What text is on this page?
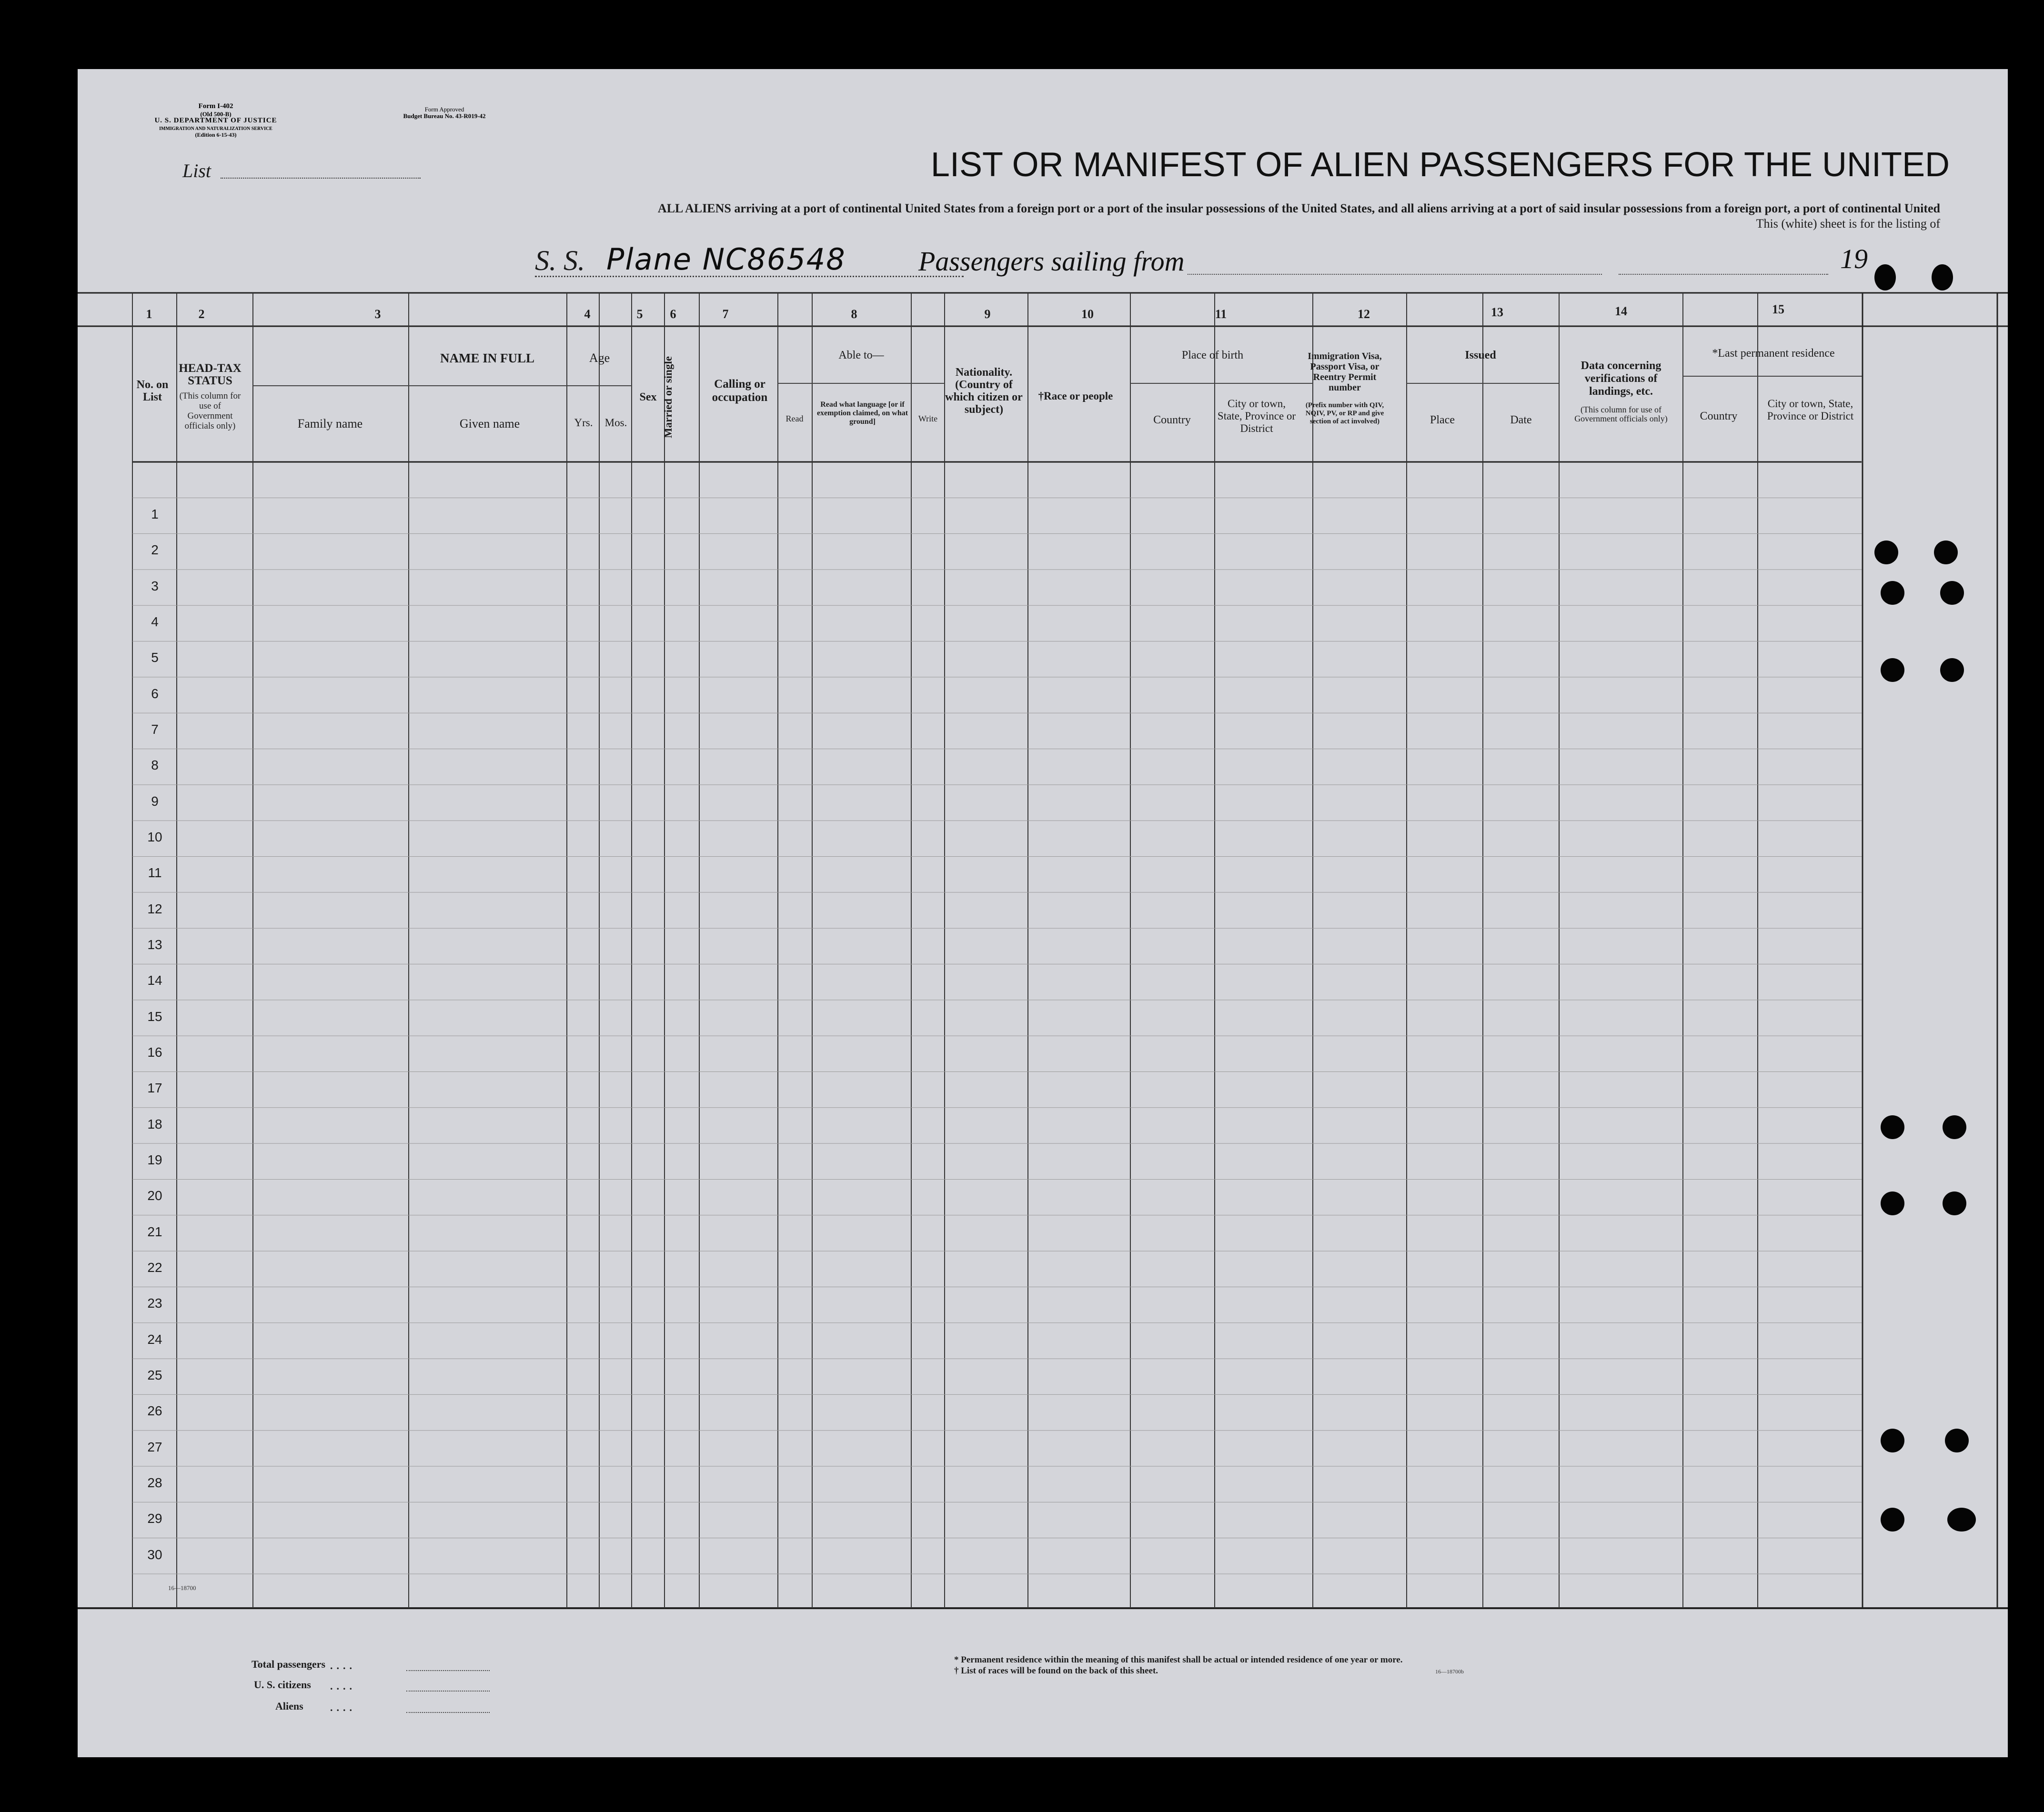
Form I-402
(Old 500-B)
U. S. DEPARTMENT OF JUSTICE
IMMIGRATION AND NATURALIZATION SERVICE
(Edition 6-15-43)
Form Approved
Budget Bureau No. 43-R019-42
List	LIST OR MANIFEST OF ALIEN PASSENGERS FOR THE UNITED
ALL ALIENS arriving at a port of continental United States from a foreign port or a port of the insular possessions of the United States, and all aliens arriving at a port of said insular possessions from a foreign port, a port of continental United
This (white) sheet is for the listing of
S. S. Plane NC86548	Passengers sailing from	19
1	2	3	4	5	6	7	8	9	10	11	12	13	14	15
No. on List
HEAD-TAX STATUS
(This column for use of Government officials only)
NAME IN FULL
Family name	Given name
Age
Yrs.	Mos.
Sex Married or single	Calling or occupation
Able to—
Read
Read what language [or if exemption claimed, on what ground]	Write
Nationality. (Country of which citizen or subject)
†Race or people
Place of birth
Country
City or town, State, Province or District
Immigration Visa, Passport Visa, or Reentry Permit number
(Prefix number with QIV, NQIV, PV, or RP and give section of act involved)
Issued
Place	Date
Data concerning verifications of landings, etc.
(This column for use of Government officials only)
*Last permanent residence
Country
City or town, State, Province or District
1
2
3
4
5
6
7
8
9
10
11
12
13
14
15
16
17
18
19
20
21
22
23
24
25
26
27
28
29
30
16—18700
Total passengers
U. S. citizens
Aliens
....
....
....
* Permanent residence within the meaning of this manifest shall be actual or intended residence of one year or more.
† List of races will be found on the back of this sheet.	16—18700b
